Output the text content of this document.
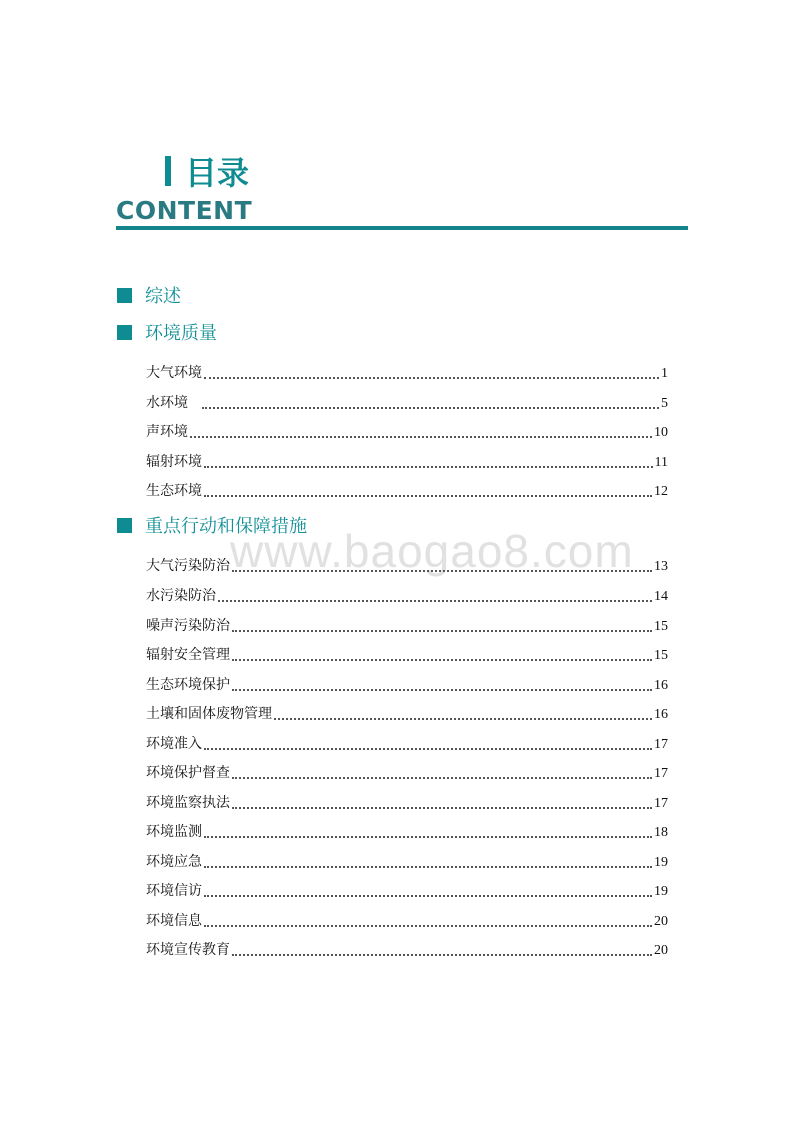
目录
CONTENT
www.baogao8.com
综述
环境质量
大气环境	1
水环境	5
声环境	10
辐射环境	11
生态环境	12
重点行动和保障措施
大气污染防治	13
水污染防治	14
噪声污染防治	15
辐射安全管理	15
生态环境保护	16
土壤和固体废物管理	16
环境准入	17
环境保护督查	17
环境监察执法	17
环境监测	18
环境应急	19
环境信访	19
环境信息	20
环境宣传教育	20
